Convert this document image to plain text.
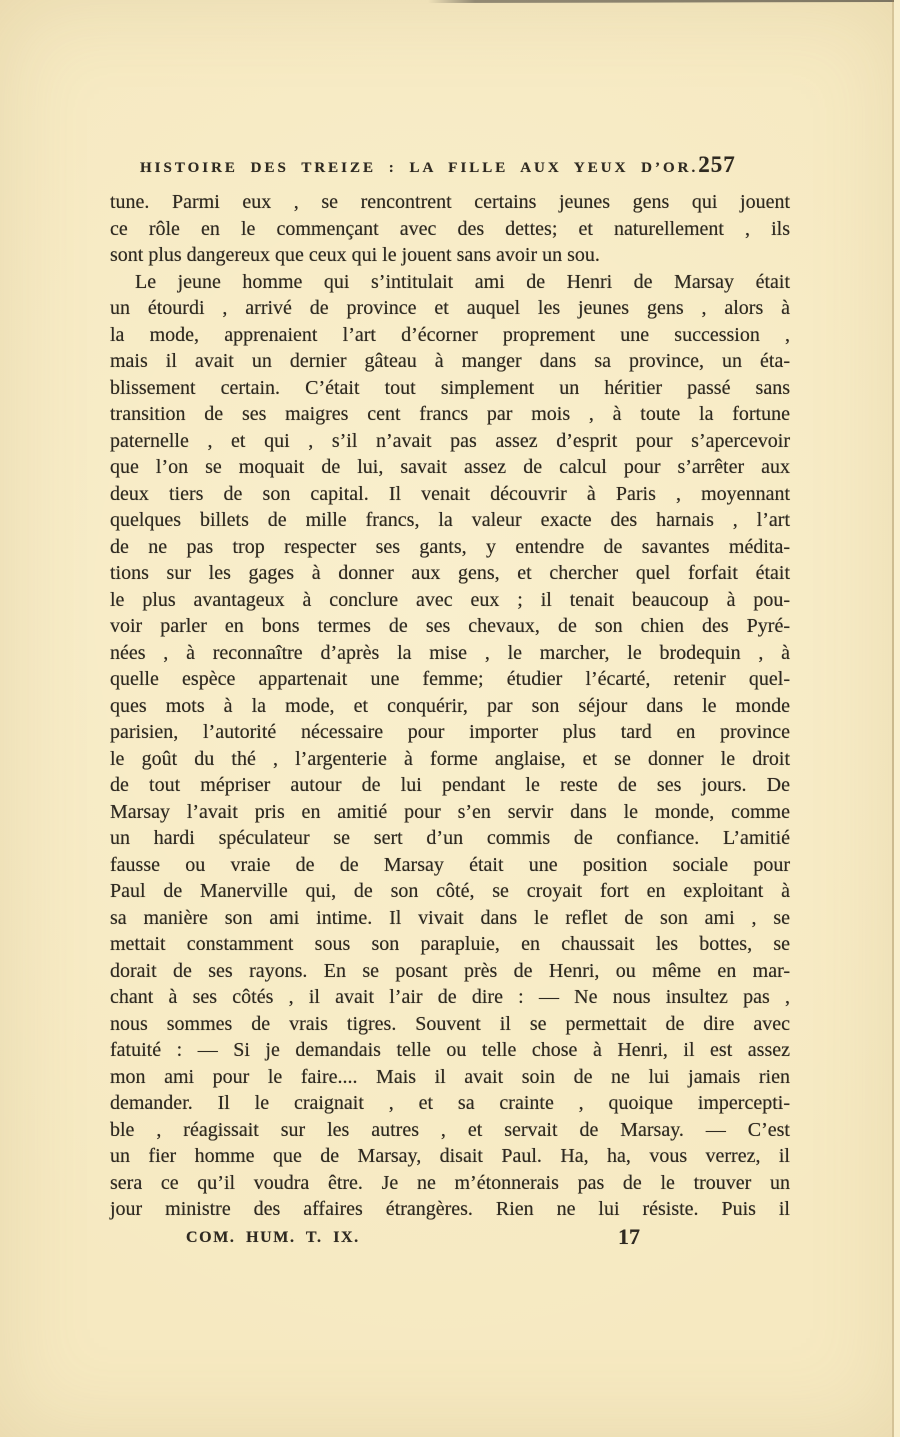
HISTOIRE DES TREIZE : LA FILLE AUX YEUX D’OR. 257
tune. Parmi eux , se rencontrent certains jeunes gens qui jouent
ce rôle en le commençant avec des dettes; et naturellement , ils
sont plus dangereux que ceux qui le jouent sans avoir un sou.
Le jeune homme qui s’intitulait ami de Henri de Marsay était
un étourdi , arrivé de province et auquel les jeunes gens , alors à
la mode, apprenaient l’art d’écorner proprement une succession ,
mais il avait un dernier gâteau à manger dans sa province, un éta-
blissement certain. C’était tout simplement un héritier passé sans
transition de ses maigres cent francs par mois , à toute la fortune
paternelle , et qui , s’il n’avait pas assez d’esprit pour s’apercevoir
que l’on se moquait de lui, savait assez de calcul pour s’arrêter aux
deux tiers de son capital. Il venait découvrir à Paris , moyennant
quelques billets de mille francs, la valeur exacte des harnais , l’art
de ne pas trop respecter ses gants, y entendre de savantes médita-
tions sur les gages à donner aux gens, et chercher quel forfait était
le plus avantageux à conclure avec eux ; il tenait beaucoup à pou-
voir parler en bons termes de ses chevaux, de son chien des Pyré-
nées , à reconnaître d’après la mise , le marcher, le brodequin , à
quelle espèce appartenait une femme; étudier l’écarté, retenir quel-
ques mots à la mode, et conquérir, par son séjour dans le monde
parisien, l’autorité nécessaire pour importer plus tard en province
le goût du thé , l’argenterie à forme anglaise, et se donner le droit
de tout mépriser autour de lui pendant le reste de ses jours. De
Marsay l’avait pris en amitié pour s’en servir dans le monde, comme
un hardi spéculateur se sert d’un commis de confiance. L’amitié
fausse ou vraie de de Marsay était une position sociale pour
Paul de Manerville qui, de son côté, se croyait fort en exploitant à
sa manière son ami intime. Il vivait dans le reflet de son ami , se
mettait constamment sous son parapluie, en chaussait les bottes, se
dorait de ses rayons. En se posant près de Henri, ou même en mar-
chant à ses côtés , il avait l’air de dire : — Ne nous insultez pas ,
nous sommes de vrais tigres. Souvent il se permettait de dire avec
fatuité : — Si je demandais telle ou telle chose à Henri, il est assez
mon ami pour le faire.... Mais il avait soin de ne lui jamais rien
demander. Il le craignait , et sa crainte , quoique impercepti-
ble , réagissait sur les autres , et servait de Marsay. — C’est
un fier homme que de Marsay, disait Paul. Ha, ha, vous verrez, il
sera ce qu’il voudra être. Je ne m’étonnerais pas de le trouver un
jour ministre des affaires étrangères. Rien ne lui résiste. Puis il
COM. HUM. T. IX.	17
